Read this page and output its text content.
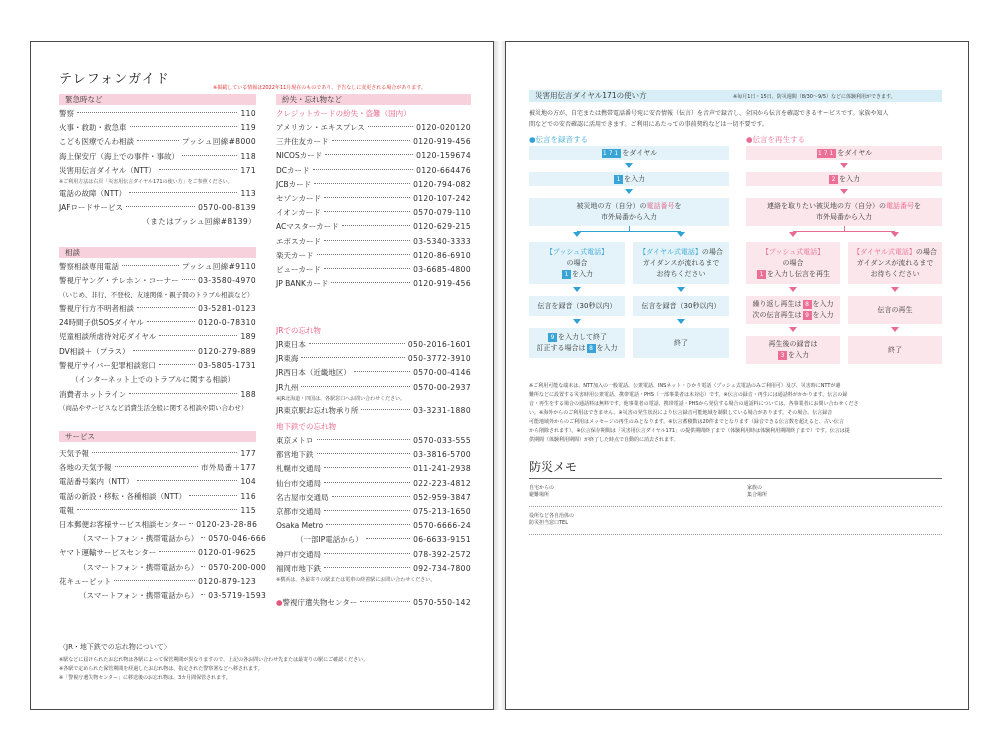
テレフォンガイド
※掲載している情報は2022年11月現在のものであり、予告なしに変更される場合があります。
緊急時など
警察	110
火事・救助・救急車	119
こども医療でんわ相談	プッシュ回線#8000
海上保安庁（海上での事件・事故）	118
災害用伝言ダイヤル（NTT）	171
※ご利用方法は右頁「災害用伝言ダイヤル171の使い方」をご参照ください。
電話の故障（NTT）	113
JAFロードサービス	0570-00-8139
（またはプッシュ回線#8139）
相談
警察相談専用電話	プッシュ回線#9110
警視庁ヤング・テレホン・コーナー	03-3580-4970
（いじめ、非行、不登校、友達関係・親子間のトラブル相談など）
警視庁行方不明者相談	03-5281-0123
24時間子供SOSダイヤル	0120-0-78310
児童相談所虐待対応ダイヤル	189
DV相談＋（プラス）	0120-279-889
警視庁サイバー犯罪相談窓口	03-5805-1731
（インターネット上でのトラブルに関する相談）
消費者ホットライン	188
（商品やサービスなど消費生活全般に関する相談や問い合わせ）
サービス
天気予報	177
各地の天気予報	市外局番＋177
電話番号案内（NTT）	104
電話の新設・移転・各種相談（NTT）	116
電報	115
日本郵便お客様サービス相談センター 0120-23-28-86
（スマートフォン・携帯電話から） 0570-046-666
ヤマト運輸サービスセンター	0120-01-9625
（スマートフォン・携帯電話から） 0570-200-000
花キューピット	0120-879-123
（スマートフォン・携帯電話から） 03-5719-1593
紛失・忘れ物など
クレジットカードの紛失・盗難（国内）
アメリカン・エキスプレス	0120-020120
三井住友カード	0120-919-456
NICOSカード	0120-159674
DCカード	0120-664476
JCBカード	0120-794-082
セゾンカード	0120-107-242
イオンカード	0570-079-110
ACマスターカード	0120-629-215
エポスカード	03-5340-3333
楽天カード	0120-86-6910
ビューカード	03-6685-4800
JP BANKカード	0120-919-456
JRでの忘れ物
JR東日本	050-2016-1601
JR東海	050-3772-3910
JR西日本（近畿地区）	0570-00-4146
JR九州	0570-00-2937
※JR北海道・四国は、各駅窓口へお問い合わせください。
JR東京駅お忘れ物承り所	03-3231-1880
地下鉄での忘れ物
東京メトロ	0570-033-555
都営地下鉄	03-3816-5700
札幌市交通局	011-241-2938
仙台市交通局	022-223-4812
名古屋市交通局	052-959-3847
京都市交通局	075-213-1650
Osaka Metro	0570-6666-24
（一部IP電話から）	06-6633-9151
神戸市交通局	078-392-2572
福岡市地下鉄	092-734-7800
※横浜は、各最寄りの駅または電車の終着駅にお問い合わせください。
●警視庁遺失物センター	0570-550-142
〈JR・地下鉄での忘れ物について〉
※駅などに届けられたお忘れ物は各駅によって保管期間が異なりますので、上記の各お問い合わせ先または最寄りの駅にご確認ください。
※各駅で定められた保管期間を経過したお忘れ物は、指定された警察署などへ移されます。
※「警視庁遺失物センター」に移送後のお忘れ物は、3カ月間保管されます。
災害用伝言ダイヤル171の使い方	※毎月1日・15日、防災週間（8/30〜9/5）などに体験利用ができます。
被災地の方が、自宅または携帯電話番号宛に安否情報（伝言）を音声で録音し、全国から伝言を確認できるサービスです。家族や知人
間などでの安否確認に活用できます。ご利用にあたっての事前契約などは一切不要です。
●伝言を録音する
171 をダイヤル
1 を入力
被災地の方（自分）の電話番号を
市外局番から入力
【プッシュ式電話】
の場合
1 を入力
【ダイヤル式電話】の場合
ガイダンスが流れるまで
お待ちください
伝言を録音（30秒以内）	伝言を録音（30秒以内）
9 を入力して終了
訂正する場合は 8 を入力
終了
●伝言を再生する
171 をダイヤル
2 を入力
連絡を取りたい被災地の方（自分）の電話番号を
市外局番から入力
【プッシュ式電話】
の場合
1 を入力し伝言を再生
【ダイヤル式電話】の場合
ガイダンスが流れるまで
お待ちください
繰り返し再生は 8 を入力
次の伝言再生は 9 を入力
伝言の再生
再生後の録音は
3 を入力
終了
※ご利用可能な端末は、NTT加入の一般電話、公衆電話、INSネット・ひかり電話（プッシュ式電話のみご利用可）及び、災害時にNTTが避
難所などに設置する災害時用公衆電話、携帯電話・PHS（一部事業者は未対応）です。※伝言の録音・再生には通話料がかかります。伝言の録
音・再生をする場合の通話料は無料です。他事業者の電話、携帯電話・PHSから発信する場合の通話料については、各事業者にお問い合わせくださ
い。※海外からのご利用はできません。※災害の発生状況により伝言録音可能地域を制限している場合があります。その場合、伝言録音
可能地域外からのご利用はメッセージの再生のみとなります。※伝言蓄積数は20件までとなります（録音できる伝言数を超えると、古い伝言
から削除されます）。※伝言保存期間は「災害用伝言ダイヤル171」の提供期間終了まで（体験利用時は体験利用期間終了まで）です。伝言は提
供期間（体験利用期間）が終了した時点で自動的に消去されます。
防災メモ
自宅からの
避難場所
家族の
集合場所
役所など各自治体の
防災担当窓口TEL
